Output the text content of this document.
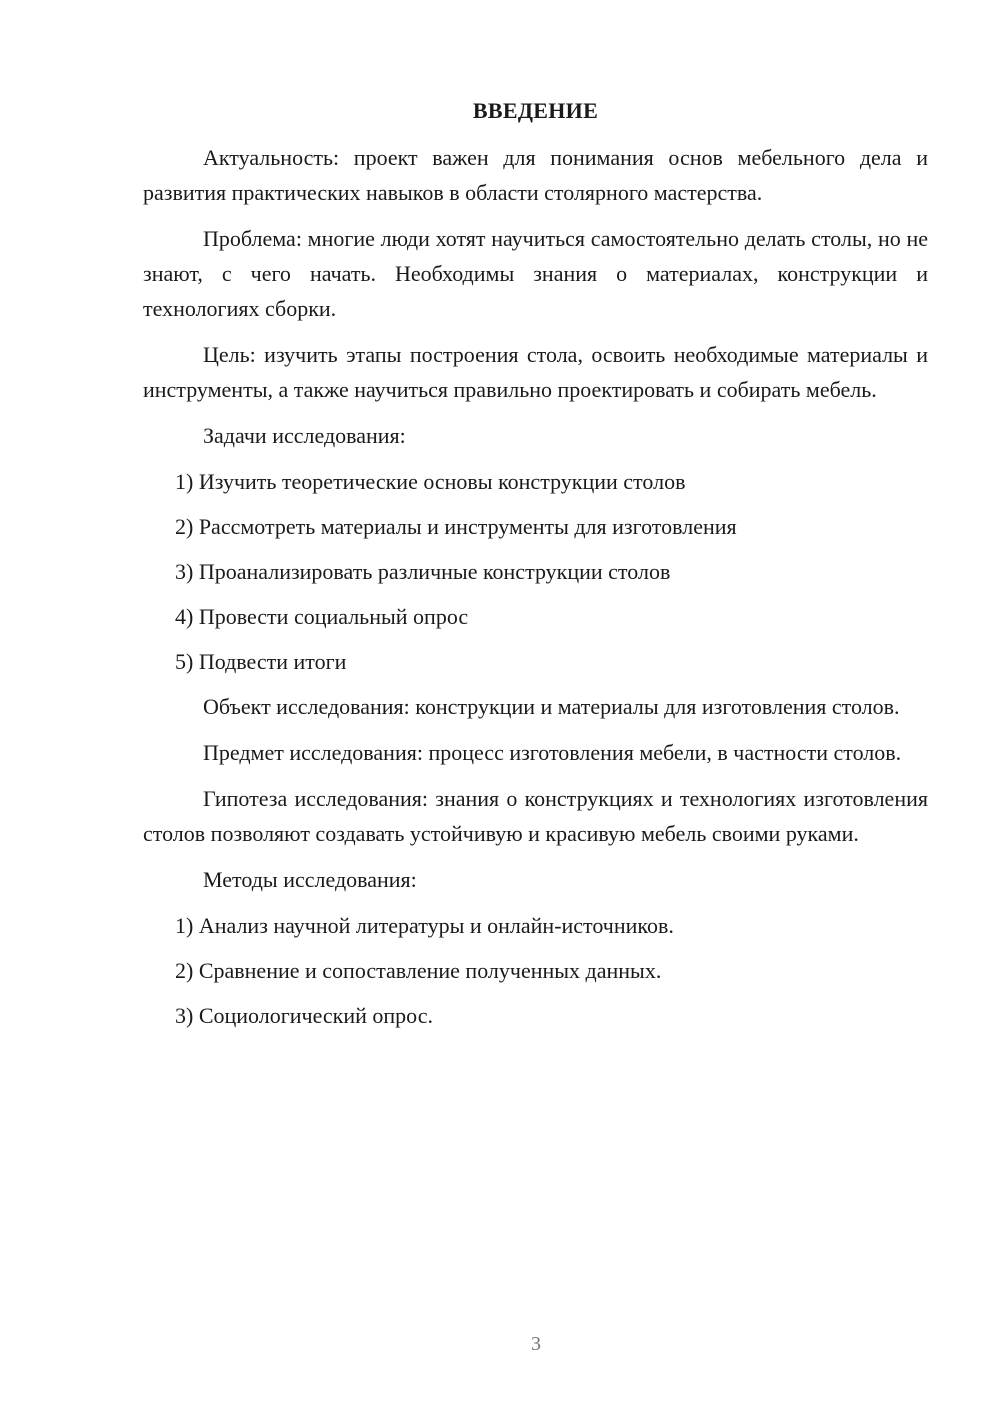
ВВЕДЕНИЕ

Актуальность: проект важен для понимания основ мебельного дела и развития практических навыков в области столярного мастерства.

Проблема: многие люди хотят научиться самостоятельно делать столы, но не знают, с чего начать. Необходимы знания о материалах, конструкции и технологиях сборки.

Цель: изучить этапы построения стола, освоить необходимые материалы и инструменты, а также научиться правильно проектировать и собирать мебель.

Задачи исследования:

1) Изучить теоретические основы конструкции столов
2) Рассмотреть материалы и инструменты для изготовления
3) Проанализировать различные конструкции столов
4) Провести социальный опрос
5) Подвести итоги

Объект исследования: конструкции и материалы для изготовления столов.

Предмет исследования: процесс изготовления мебели, в частности столов.

Гипотеза исследования: знания о конструкциях и технологиях изготовления столов позволяют создавать устойчивую и красивую мебель своими руками.

Методы исследования:

1) Анализ научной литературы и онлайн-источников.
2) Сравнение и сопоставление полученных данных.
3) Социологический опрос.
3
